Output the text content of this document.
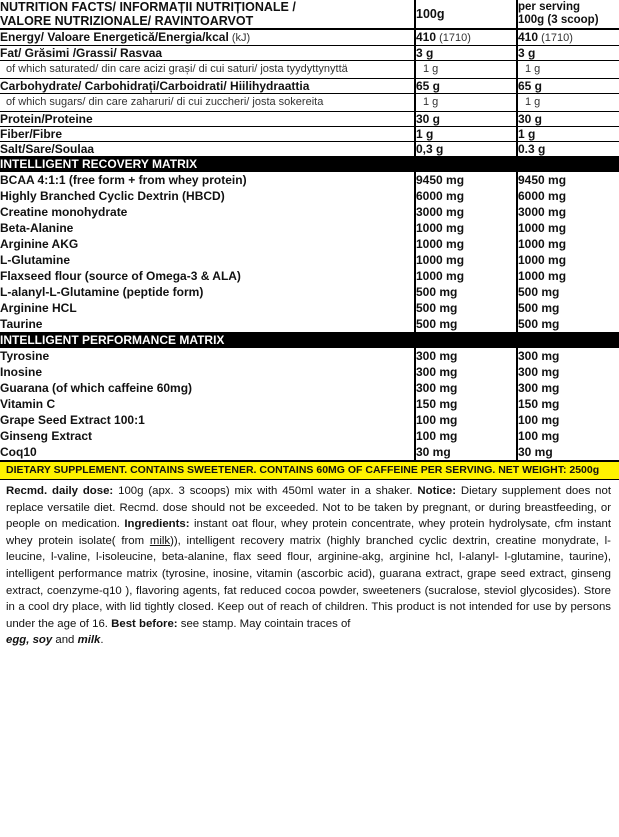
NUTRITION FACTS/ INFORMAȚII NUTRIȚIONALE /
VALORE NUTRIZIONALE/ RAVINTOARVOT	100g	per serving
100g (3 scoop)

Energy/ Valoare Energetică/Energia/kcal (kJ)	410 (1710)	410 (1710)
Fat/ Grăsimi /Grassi/ Rasvaa	3 g	3 g
of which saturated/ din care acizi grași/ di cui saturi/ josta tyydyttynyttä	1 g	1 g
Carbohydrate/ Carbohidrați/Carboidrati/ Hiilihydraattia	65 g	65 g
of which sugars/ din care zaharuri/ di cui zuccheri/ josta sokereita	1 g	1 g
Protein/Proteine	30 g	30 g
Fiber/Fibre	1 g	1 g
Salt/Sare/Soulaa	0,3 g	0.3 g
INTELLIGENT RECOVERY MATRIX		
BCAA 4:1:1 (free form + from whey protein)	9450 mg	9450 mg
Highly Branched Cyclic Dextrin (HBCD)	6000 mg	6000 mg
Creatine monohydrate	3000 mg	3000 mg
Beta-Alanine	1000 mg	1000 mg
Arginine AKG	1000 mg	1000 mg
L-Glutamine	1000 mg	1000 mg
Flaxseed flour (source of Omega-3 & ALA)	1000 mg	1000 mg
L-alanyl-L-Glutamine (peptide form)	500 mg	500 mg
Arginine HCL	500 mg	500 mg
Taurine	500 mg	500 mg
INTELLIGENT PERFORMANCE MATRIX		
Tyrosine	300 mg	300 mg
Inosine	300 mg	300 mg
Guarana (of which caffeine 60mg)	300 mg	300 mg
Vitamin C	150 mg	150 mg
Grape Seed Extract 100:1	100 mg	100 mg
Ginseng Extract	100 mg	100 mg
Coq10	30 mg	30 mg
DIETARY SUPPLEMENT. CONTAINS SWEETENER. CONTAINS 60MG OF CAFFEINE PER SERVING. NET WEIGHT: 2500g
Recmd. daily dose: 100g (apx. 3 scoops) mix with 450ml water in a shaker. Notice: Dietary supplement does not replace versatile diet. Recmd. dose should not be exceeded. Not to be taken by pregnant, or during breastfeeding, or people on medication. Ingredients: instant oat flour, whey protein concentrate, whey protein hydrolysate, cfm instant whey protein isolate( from milk)), intelligent recovery matrix (highly branched cyclic dextrin, creatine monydrate, l-leucine, l-valine, l-isoleucine, beta-alanine, flax seed flour, arginine-akg, arginine hcl, l-alanyl- l-glutamine, taurine), intelligent performance matrix (tyrosine, inosine, vitamin (ascorbic acid), guarana extract, grape seed extract, ginseng extract, coenzyme-q10 ), flavoring agents, fat reduced cocoa powder, sweeteners (sucralose, steviol glycosides). Store in a cool dry place, with lid tightly closed. Keep out of reach of children. This product is not intended for use by persons under the age of 16. Best before: see stamp. May cointain traces of
egg, soy and milk.
